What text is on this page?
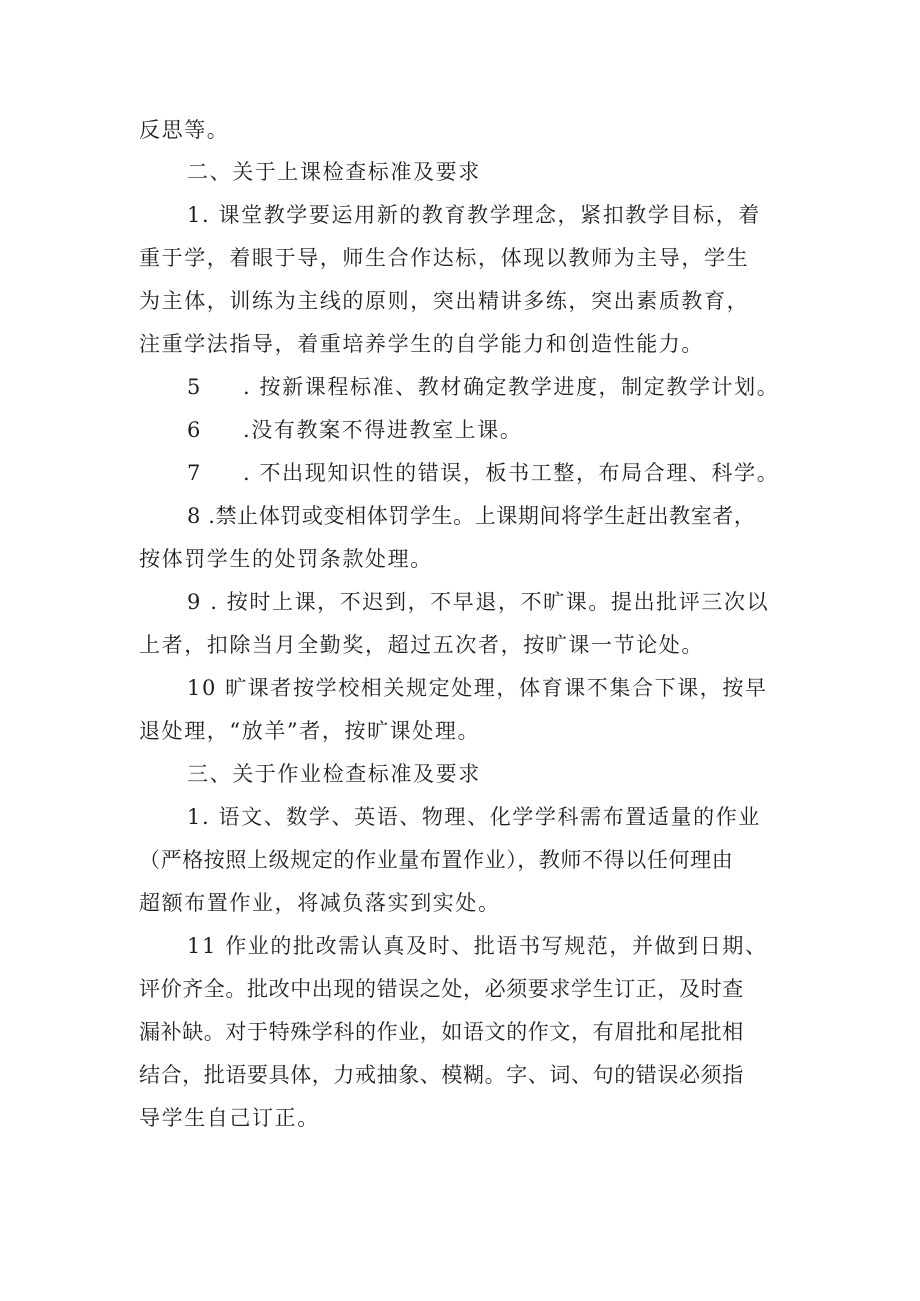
反思等。
二、关于上课检查标准及要求
1. 课堂教学要运用新的教育教学理念，紧扣教学目标，着
重于学，着眼于导，师生合作达标，体现以教师为主导，学生
为主体，训练为主线的原则，突出精讲多练，突出素质教育，
注重学法指导，着重培养学生的自学能力和创造性能力。
5 . 按新课程标准、教材确定教学进度，制定教学计划。
6 .没有教案不得进教室上课。
7 . 不出现知识性的错误，板书工整，布局合理、科学。
8 .禁止体罚或变相体罚学生。上课期间将学生赶出教室者，
按体罚学生的处罚条款处理。
9 . 按时上课，不迟到，不早退，不旷课。提出批评三次以
上者，扣除当月全勤奖，超过五次者，按旷课一节论处。
10 旷课者按学校相关规定处理，体育课不集合下课，按早
退处理，“放羊”者，按旷课处理。
三、关于作业检查标准及要求
1. 语文、数学、英语、物理、化学学科需布置适量的作业
（严格按照上级规定的作业量布置作业），教师不得以任何理由
超额布置作业，将减负落实到实处。
11 作业的批改需认真及时、批语书写规范，并做到日期、
评价齐全。批改中出现的错误之处，必须要求学生订正，及时查
漏补缺。对于特殊学科的作业，如语文的作文，有眉批和尾批相
结合，批语要具体，力戒抽象、模糊。字、词、句的错误必须指
导学生自己订正。
